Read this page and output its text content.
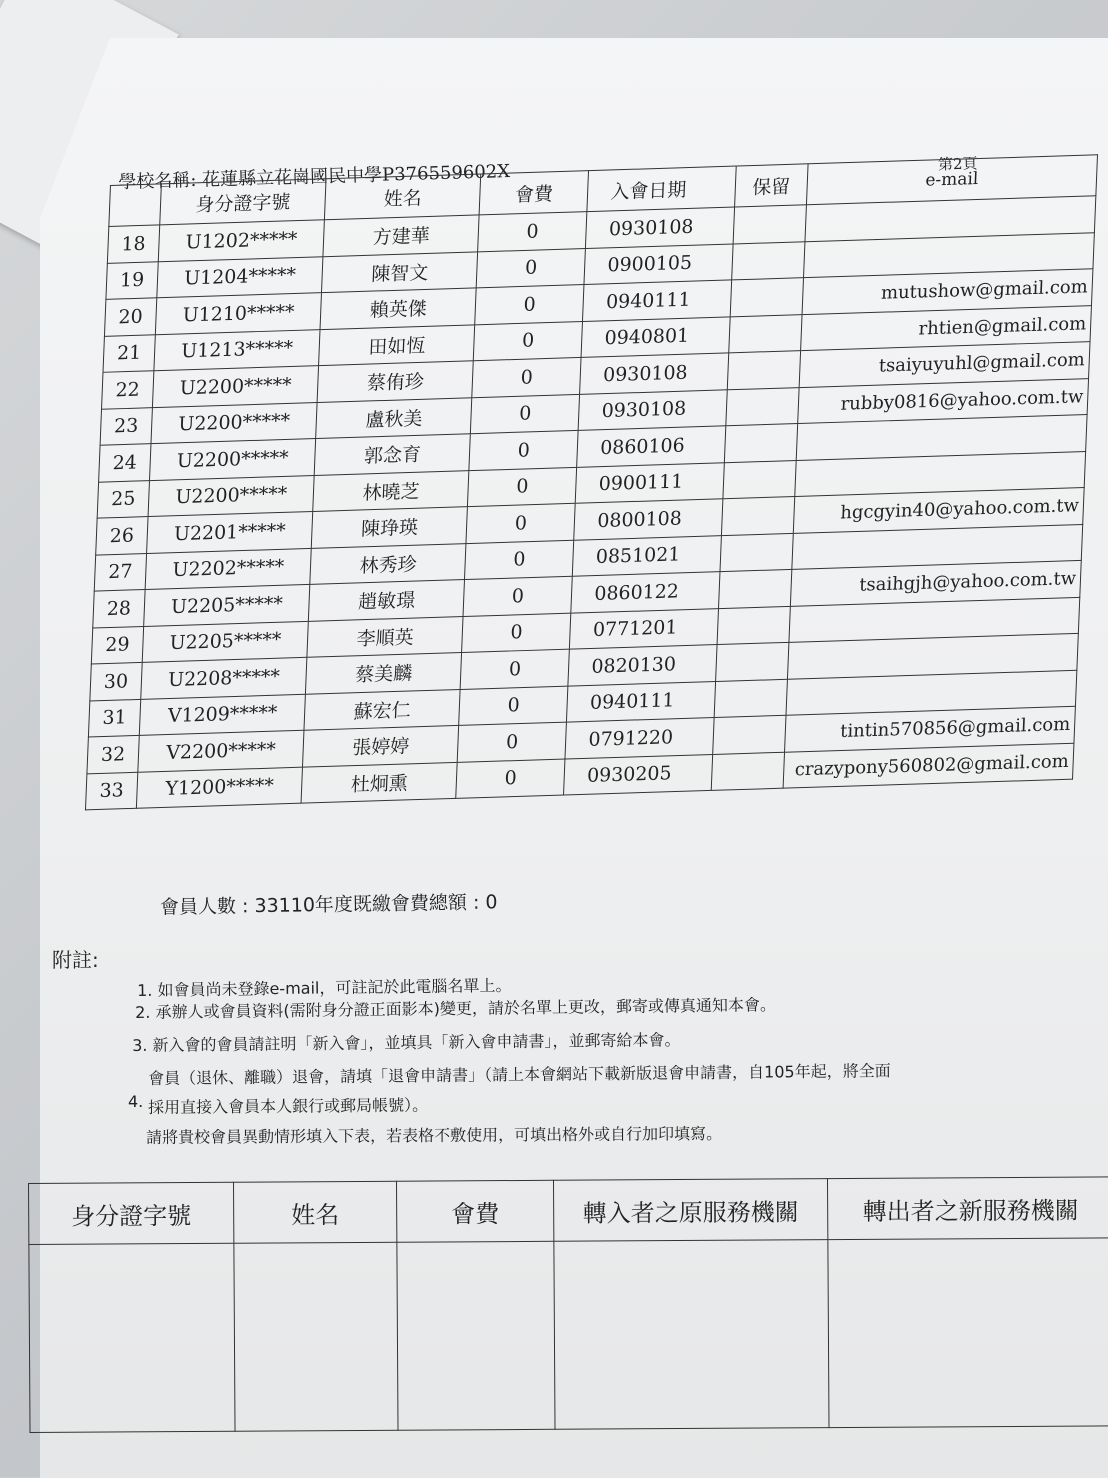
第2頁
學校名稱: 花蓮縣立花崗國民中學P376559602X
	身分證字號	姓名	會費	入會日期	保留	e-mail
18	U1202*****	方建華	0	0930108		
19	U1204*****	陳智文	0	0900105		
20	U1210*****	賴英傑	0	0940111		mutushow@gmail.com
21	U1213*****	田如恆	0	0940801		rhtien@gmail.com
22	U2200*****	蔡侑珍	0	0930108		tsaiyuyuhl@gmail.com
23	U2200*****	盧秋美	0	0930108		rubby0816@yahoo.com.tw
24	U2200*****	郭念育	0	0860106		
25	U2200*****	林曉芝	0	0900111		
26	U2201*****	陳琤瑛	0	0800108		hgcgyin40@yahoo.com.tw
27	U2202*****	林秀珍	0	0851021		
28	U2205*****	趙敏璟	0	0860122		tsaihgjh@yahoo.com.tw
29	U2205*****	李順英	0	0771201		
30	U2208*****	蔡美麟	0	0820130		
31	V1209*****	蘇宏仁	0	0940111		
32	V2200*****	張婷婷	0	0791220		tintin570856@gmail.com
33	Y1200*****	杜炯熏	0	0930205		crazypony560802@gmail.com
會員人數 : 33110年度既繳會費總額 : 0
附註:
1. 如會員尚未登錄e-mail，可註記於此電腦名單上。
2. 承辦人或會員資料(需附身分證正面影本)變更，請於名單上更改，郵寄或傳真通知本會。
3. 新入會的會員請註明「新入會」，並填具「新入會申請書」，並郵寄給本會。
4.
會員（退休、離職）退會，請填「退會申請書」（請上本會網站下載新版退會申請書，自105年起，將全面
採用直接入會員本人銀行或郵局帳號）。
請將貴校會員異動情形填入下表，若表格不敷使用，可填出格外或自行加印填寫。
身分證字號	姓名	會費	轉入者之原服務機關	轉出者之新服務機關
